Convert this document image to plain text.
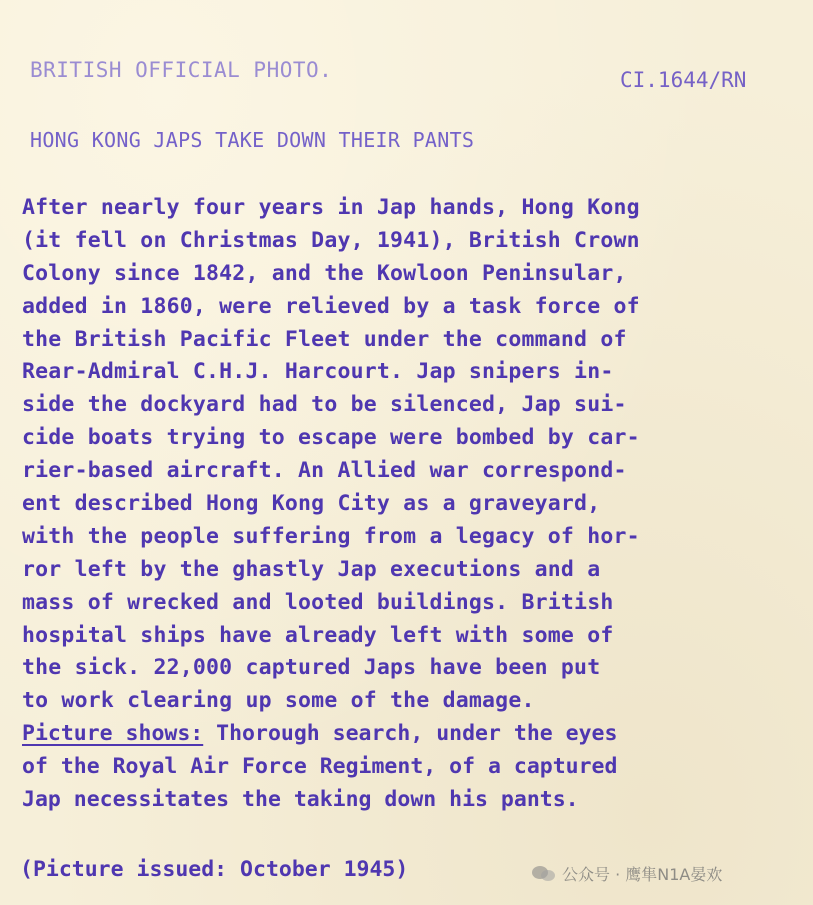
BRITISH OFFICIAL PHOTO.	CI.1644/RN
HONG KONG JAPS TAKE DOWN THEIR PANTS
After nearly four years in Jap hands, Hong Kong
(it fell on Christmas Day, 1941), British Crown
Colony since 1842, and the Kowloon Peninsular,
added in 1860, were relieved by a task force of
the British Pacific Fleet under the command of
Rear-Admiral C.H.J. Harcourt. Jap snipers in-
side the dockyard had to be silenced, Jap sui-
cide boats trying to escape were bombed by car-
rier-based aircraft. An Allied war correspond-
ent described Hong Kong City as a graveyard,
with the people suffering from a legacy of hor-
ror left by the ghastly Jap executions and a
mass of wrecked and looted buildings. British
hospital ships have already left with some of
the sick. 22,000 captured Japs have been put
to work clearing up some of the damage.
Picture shows: Thorough search, under the eyes
of the Royal Air Force Regiment, of a captured
Jap necessitates the taking down his pants.
(Picture issued: October 1945)	公众号 · 鹰隼N1A晏欢
